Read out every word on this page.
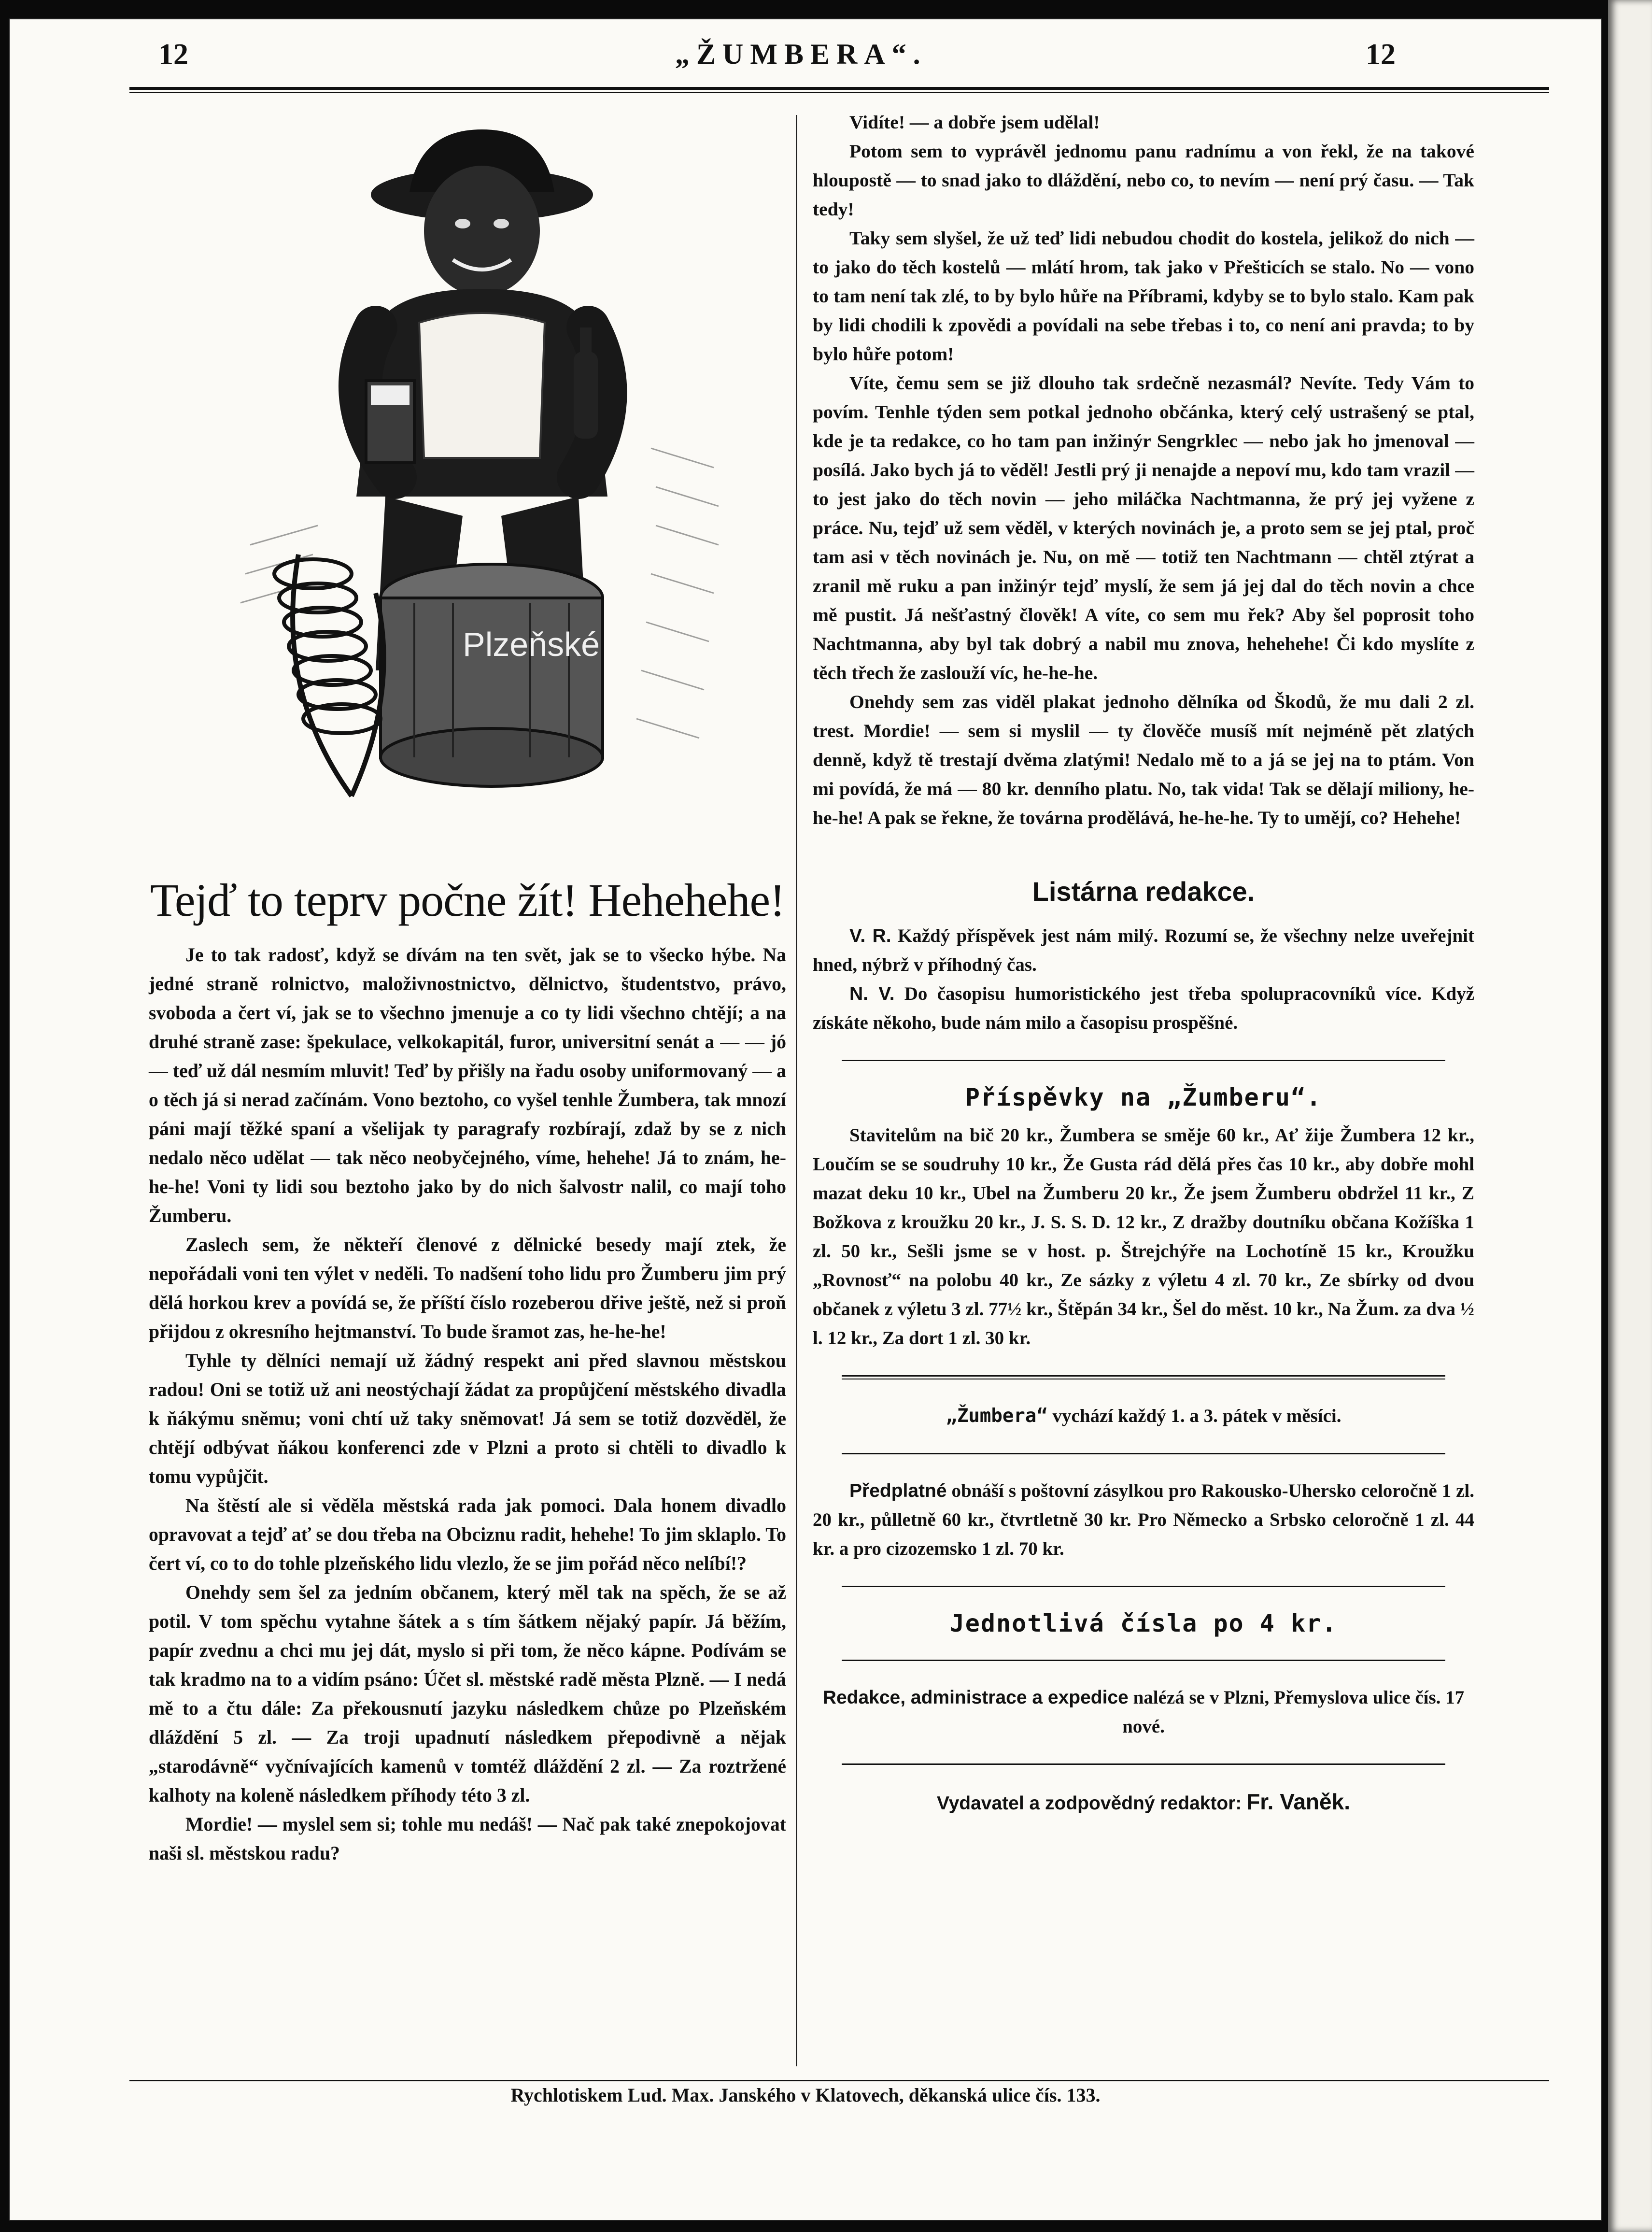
12	„ŽUMBERA“.	12
Plzeňské
Tejď to teprv počne žít! Hehehehe!

Je to tak radosť, když se dívám na ten svět, jak se to všecko hýbe. Na jedné straně rolnictvo, maloživnostnictvo, dělnictvo, študentstvo, právo, svoboda a čert ví, jak se to všechno jmenuje a co ty lidi všechno chtějí; a na druhé straně zase: špekulace, velkokapitál, furor, universitní senát a — — jó — teď už dál nesmím mluvit! Teď by přišly na řadu osoby uniformovaný — a o těch já si nerad začínám. Vono beztoho, co vyšel tenhle Žumbera, tak mnozí páni mají těžké spaní a všelijak ty paragrafy rozbírají, zdaž by se z nich nedalo něco udělat — tak něco neobyčejného, víme, hehehe! Já to znám, he-he-he! Voni ty lidi sou beztoho jako by do nich šalvostr nalil, co mají toho Žumberu.

Zaslech sem, že někteří členové z dělnické besedy mají ztek, že nepořádali voni ten výlet v neděli. To nadšení toho lidu pro Žumberu jim prý dělá horkou krev a povídá se, že příští číslo rozeberou dřive ještě, než si proň přijdou z okresního hejtmanství. To bude šramot zas, he-he-he!

Tyhle ty dělníci nemají už žádný respekt ani před slavnou městskou radou! Oni se totiž už ani neostýchají žádat za propůjčení městského divadla k ňákýmu sněmu; voni chtí už taky sněmovat! Já sem se totiž dozvěděl, že chtějí odbývat ňákou konferenci zde v Plzni a proto si chtěli to divadlo k tomu vypůjčit.

Na štěstí ale si věděla městská rada jak pomoci. Dala honem divadlo opravovat a tejď ať se dou třeba na Obciznu radit, hehehe! To jim sklaplo. To čert ví, co to do tohle plzeňského lidu vlezlo, že se jim pořád něco nelíbí!?

Onehdy sem šel za jedním občanem, který měl tak na spěch, že se až potil. V tom spěchu vytahne šátek a s tím šátkem nějaký papír. Já běžím, papír zvednu a chci mu jej dát, myslo si při tom, že něco kápne. Podívám se tak kradmo na to a vidím psáno: Účet sl. městské radě města Plzně. — I nedá mě to a čtu dále: Za překousnutí jazyku následkem chůze po Plzeňském dláždění 5 zl. — Za troji upadnutí následkem přepodivně a nějak „starodávně“ vyčnívajících kamenů v tomtéž dláždění 2 zl. — Za roztržené kalhoty na koleně následkem příhody této 3 zl.

Mordie! — myslel sem si; tohle mu nedáš! — Nač pak také znepokojovat naši sl. městskou radu?

Vidíte! — a dobře jsem udělal!

Potom sem to vyprávěl jednomu panu radnímu a von řekl, že na takové hloupostě — to snad jako to dláždění, nebo co, to nevím — není prý času. — Tak tedy!

Taky sem slyšel, že už teď lidi nebudou chodit do kostela, jelikož do nich — to jako do těch kostelů — mlátí hrom, tak jako v Přešticích se stalo. No — vono to tam není tak zlé, to by bylo hůře na Příbrami, kdyby se to bylo stalo. Kam pak by lidi chodili k zpovědi a povídali na sebe třebas i to, co není ani pravda; to by bylo hůře potom!

Víte, čemu sem se již dlouho tak srdečně nezasmál? Nevíte. Tedy Vám to povím. Tenhle týden sem potkal jednoho občánka, který celý ustrašený se ptal, kde je ta redakce, co ho tam pan inžinýr Sengrklec — nebo jak ho jmenoval — posílá. Jako bych já to věděl! Jestli prý ji nenajde a nepoví mu, kdo tam vrazil — to jest jako do těch novin — jeho miláčka Nachtmanna, že prý jej vyžene z práce. Nu, tejď už sem věděl, v kterých novinách je, a proto sem se jej ptal, proč tam asi v těch novinách je. Nu, on mě — totiž ten Nachtmann — chtěl ztýrat a zranil mě ruku a pan inžinýr tejď myslí, že sem já jej dal do těch novin a chce mě pustit. Já nešťastný člověk! A víte, co sem mu řek? Aby šel poprosit toho Nachtmanna, aby byl tak dobrý a nabil mu znova, hehehehe! Či kdo myslíte z těch třech že zaslouží víc, he-he-he.

Onehdy sem zas viděl plakat jednoho dělníka od Škodů, že mu dali 2 zl. trest. Mordie! — sem si myslil — ty člověče musíš mít nejméně pět zlatých denně, když tě trestají dvěma zlatými! Nedalo mě to a já se jej na to ptám. Von mi povídá, že má — 80 kr. denního platu. No, tak vida! Tak se dělají miliony, he-he-he! A pak se řekne, že továrna prodělává, he-he-he. Ty to umějí, co? Hehehe!

Listárna redakce.

V. R. Každý příspěvek jest nám milý. Rozumí se, že všechny nelze uveřejnit hned, nýbrž v příhodný čas.

N. V. Do časopisu humoristického jest třeba spolupracovníků více. Když získáte někoho, bude nám milo a časopisu prospěšné.

Příspěvky na „Žumberu“.

Stavitelům na bič 20 kr., Žumbera se směje 60 kr., Ať žije Žumbera 12 kr., Loučím se se soudruhy 10 kr., Že Gusta rád dělá přes čas 10 kr., aby dobře mohl mazat deku 10 kr., Ubel na Žumberu 20 kr., Že jsem Žumberu obdržel 11 kr., Z Božkova z kroužku 20 kr., J. S. S. D. 12 kr., Z dražby doutníku občana Kožíška 1 zl. 50 kr., Sešli jsme se v host. p. Štrejchýře na Lochotíně 15 kr., Kroužku „Rovnosť“ na polobu 40 kr., Ze sázky z výletu 4 zl. 70 kr., Ze sbírky od dvou občanek z výletu 3 zl. 77½ kr., Štěpán 34 kr., Šel do měst. 10 kr., Na Žum. za dva ½ l. 12 kr., Za dort 1 zl. 30 kr.

„Žumbera“ vychází každý 1. a 3. pátek v měsíci.

Předplatné obnáší s poštovní zásylkou pro Rakousko-Uhersko celoročně 1 zl. 20 kr., půlletně 60 kr., čtvrtletně 30 kr. Pro Německo a Srbsko celoročně 1 zl. 44 kr. a pro cizozemsko 1 zl. 70 kr.

Jednotlivá čísla po 4 kr.

Redakce, administrace a expedice nalézá se v Plzni, Přemyslova ulice čís. 17 nové.

Vydavatel a zodpovědný redaktor: Fr. Vaněk.

Rychlotiskem Lud. Max. Janského v Klatovech, děkanská ulice čís. 133.
